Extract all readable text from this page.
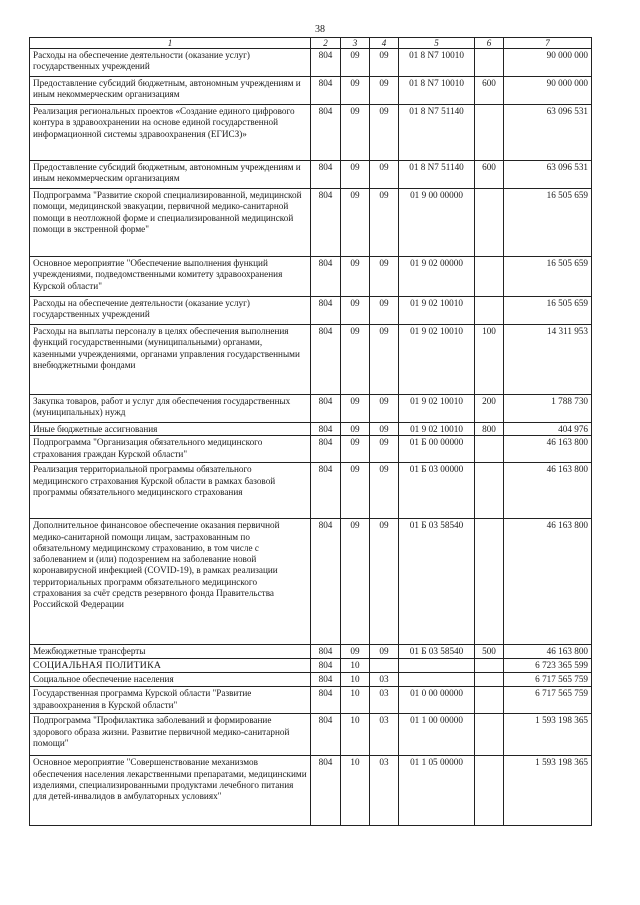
38
1	2	3	4	5	6	7
Расходы на обеспечение деятельности (оказание услуг) государственных учреждений	804	09	09	01 8 N7 10010		90 000 000
Предоставление субсидий бюджетным, автономным учреждениям и иным некоммерческим организациям	804	09	09	01 8 N7 10010	600	90 000 000
Реализация региональных проектов «Создание единого цифрового контура в здравоохранении на основе единой государственной информационной системы здравоохранения (ЕГИСЗ)»	804	09	09	01 8 N7 51140		63 096 531
Предоставление субсидий бюджетным, автономным учреждениям и иным некоммерческим организациям	804	09	09	01 8 N7 51140	600	63 096 531
Подпрограмма "Развитие скорой специализированной, медицинской помощи, медицинской эвакуации, первичной медико-санитарной помощи в неотложной форме и специализированной медицинской помощи в экстренной форме"	804	09	09	01 9 00 00000		16 505 659
Основное мероприятие "Обеспечение выполнения функций учреждениями, подведомственными комитету здравоохранения Курской области"	804	09	09	01 9 02 00000		16 505 659
Расходы на обеспечение деятельности (оказание услуг) государственных учреждений	804	09	09	01 9 02 10010		16 505 659
Расходы на выплаты персоналу в целях обеспечения выполнения функций государственными (муниципальными) органами, казенными учреждениями, органами управления государственными внебюджетными фондами	804	09	09	01 9 02 10010	100	14 311 953
Закупка товаров, работ и услуг для обеспечения государственных (муниципальных) нужд	804	09	09	01 9 02 10010	200	1 788 730
Иные бюджетные ассигнования	804	09	09	01 9 02 10010	800	404 976
Подпрограмма "Организация обязательного медицинского страхования граждан Курской области"	804	09	09	01 Б 00 00000		46 163 800
Реализация территориальной программы обязательного медицинского страхования Курской области в рамках базовой программы обязательного медицинского страхования	804	09	09	01 Б 03 00000		46 163 800
Дополнительное финансовое обеспечение оказания первичной медико-санитарной помощи лицам, застрахованным по обязательному медицинскому страхованию, в том числе с заболеванием и (или) подозрением на заболевание новой коронавирусной инфекцией (COVID-19), в рамках реализации территориальных программ обязательного медицинского страхования за счёт средств резервного фонда Правительства Российской Федерации	804	09	09	01 Б 03 58540		46 163 800
Межбюджетные трансферты	804	09	09	01 Б 03 58540	500	46 163 800
СОЦИАЛЬНАЯ ПОЛИТИКА	804	10				6 723 365 599
Социальное обеспечение населения	804	10	03			6 717 565 759
Государственная программа Курской области "Развитие здравоохранения в Курской области"	804	10	03	01 0 00 00000		6 717 565 759
Подпрограмма "Профилактика заболеваний и формирование здорового образа жизни. Развитие первичной медико-санитарной помощи"	804	10	03	01 1 00 00000		1 593 198 365
Основное мероприятие "Совершенствование механизмов обеспечения населения лекарственными препаратами, медицинскими изделиями, специализированными продуктами лечебного питания для детей-инвалидов в амбулаторных условиях"	804	10	03	01 1 05 00000		1 593 198 365
